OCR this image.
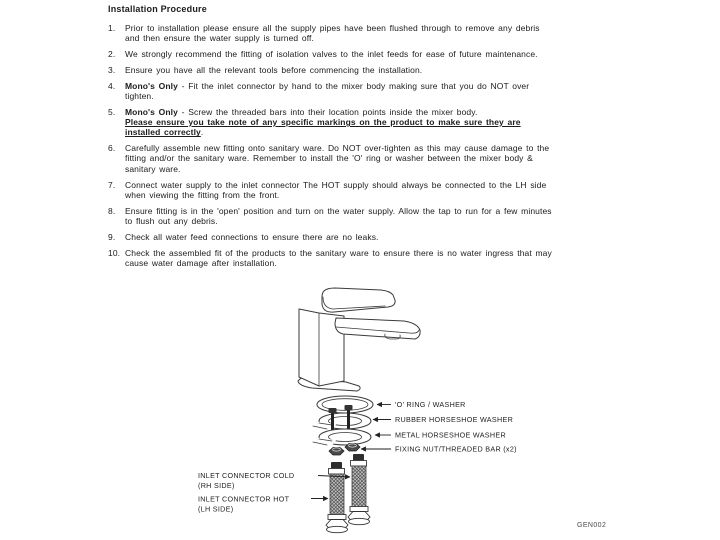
Installation Procedure
1. Prior to installation please ensure all the supply pipes have been flushed through to remove any debris and then ensure the water supply is turned off.
2. We strongly recommend the fitting of isolation valves to the inlet feeds for ease of future maintenance.
3. Ensure you have all the relevant tools before commencing the installation.
4. Mono's Only - Fit the inlet connector by hand to the mixer body making sure that you do NOT over tighten.
5. Mono's Only - Screw the threaded bars into their location points inside the mixer body.
Please ensure you take note of any specific markings on the product to make sure they are installed correctly.
6. Carefully assemble new fitting onto sanitary ware. Do NOT over-tighten as this may cause damage to the fitting and/or the sanitary ware. Remember to install the 'O' ring or washer between the mixer body & sanitary ware.
7. Connect water supply to the inlet connector The HOT supply should always be connected to the LH side when viewing the fitting from the front.
8. Ensure fitting is in the 'open' position and turn on the water supply. Allow the tap to run for a few minutes to flush out any debris.
9. Check all water feed connections to ensure there are no leaks.
10. Check the assembled fit of the products to the sanitary ware to ensure there is no water ingress that may cause water damage after installation.
'O' RING / WASHER
RUBBER HORSESHOE WASHER
METAL HORSESHOE WASHER
FIXING NUT/THREADED BAR (x2)
INLET CONNECTOR COLD
(RH SIDE)
INLET CONNECTOR HOT
(LH SIDE)
GEN002
